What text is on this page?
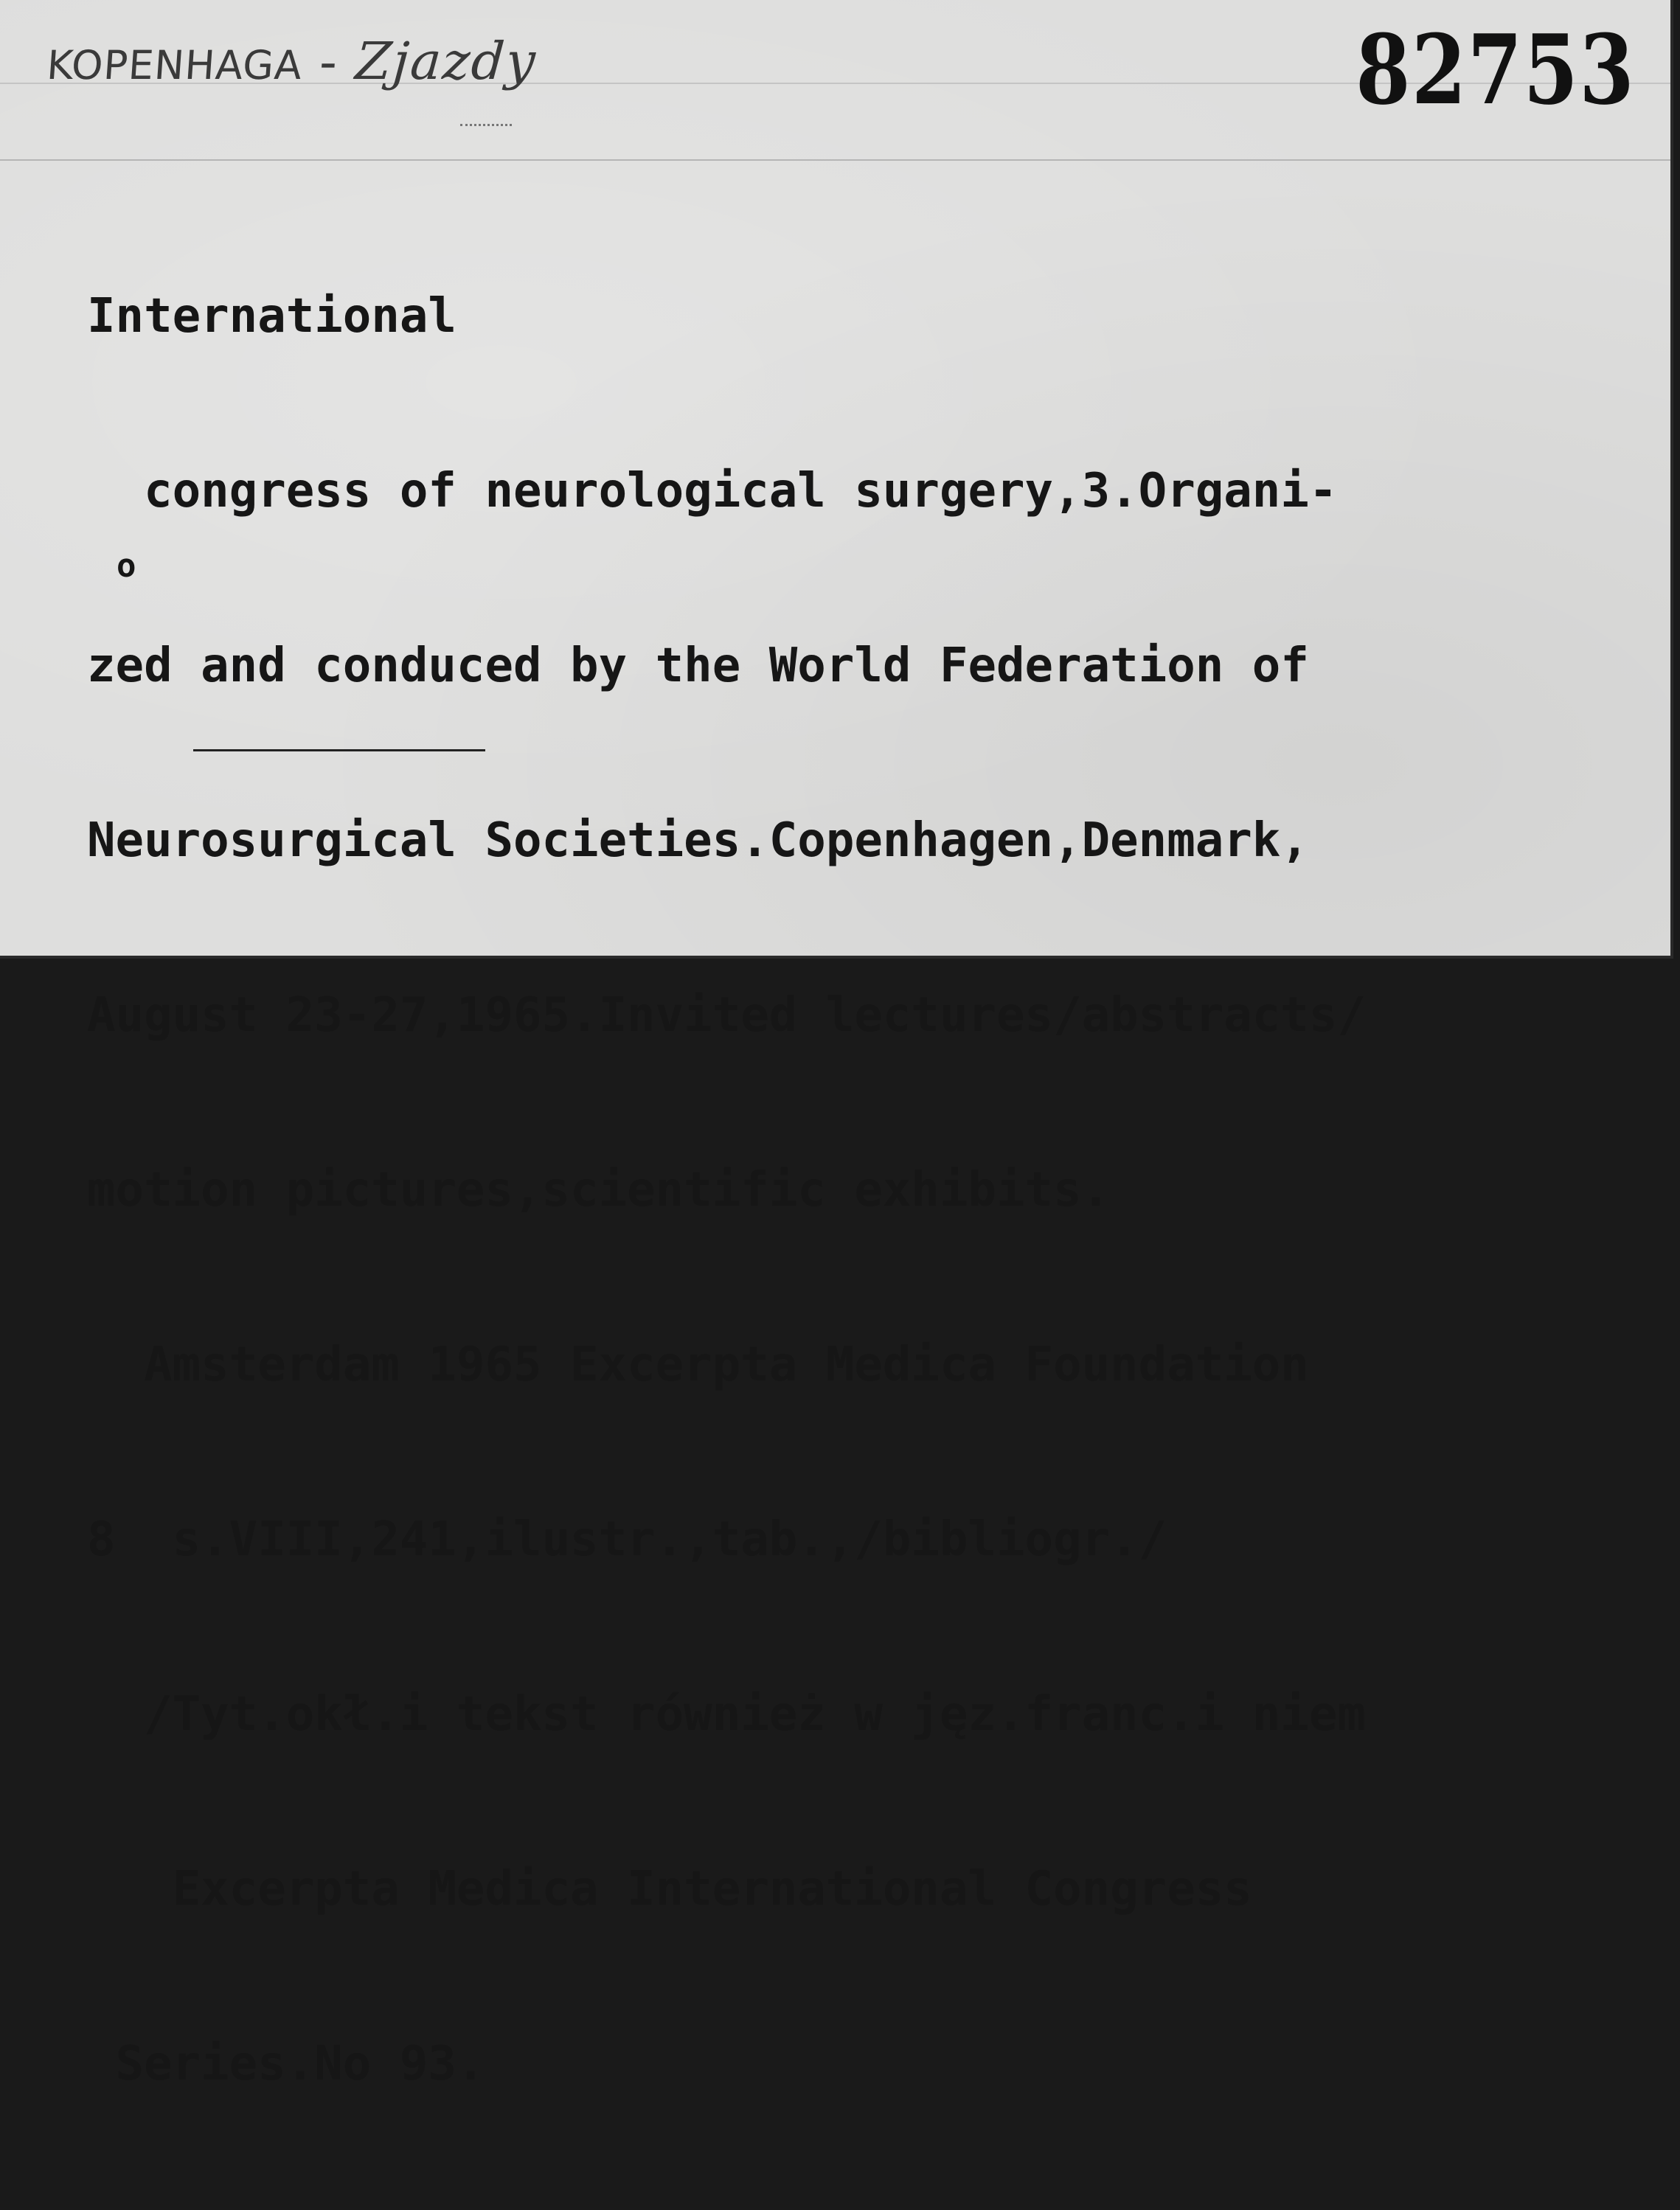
KOPENHAGA - Zjazdy	82753

International

congress of neurological surgery,3.Organi-

zed and conduced by the World Federation of

Neurosurgical Societies.Copenhagen,Denmark,

August 23-27,1965.Invited lectures/abstracts/

motion pictures,scientific exhibits.

Amsterdam 1965 Excerpta Medica Foundation

8  s.VIII,241,ilustr.,tab.,/bibliogr./

/Tyt.okł.i tekst również w jęz.franc.i niem

Excerpta Medica International Congress

Series.No 93.

o
